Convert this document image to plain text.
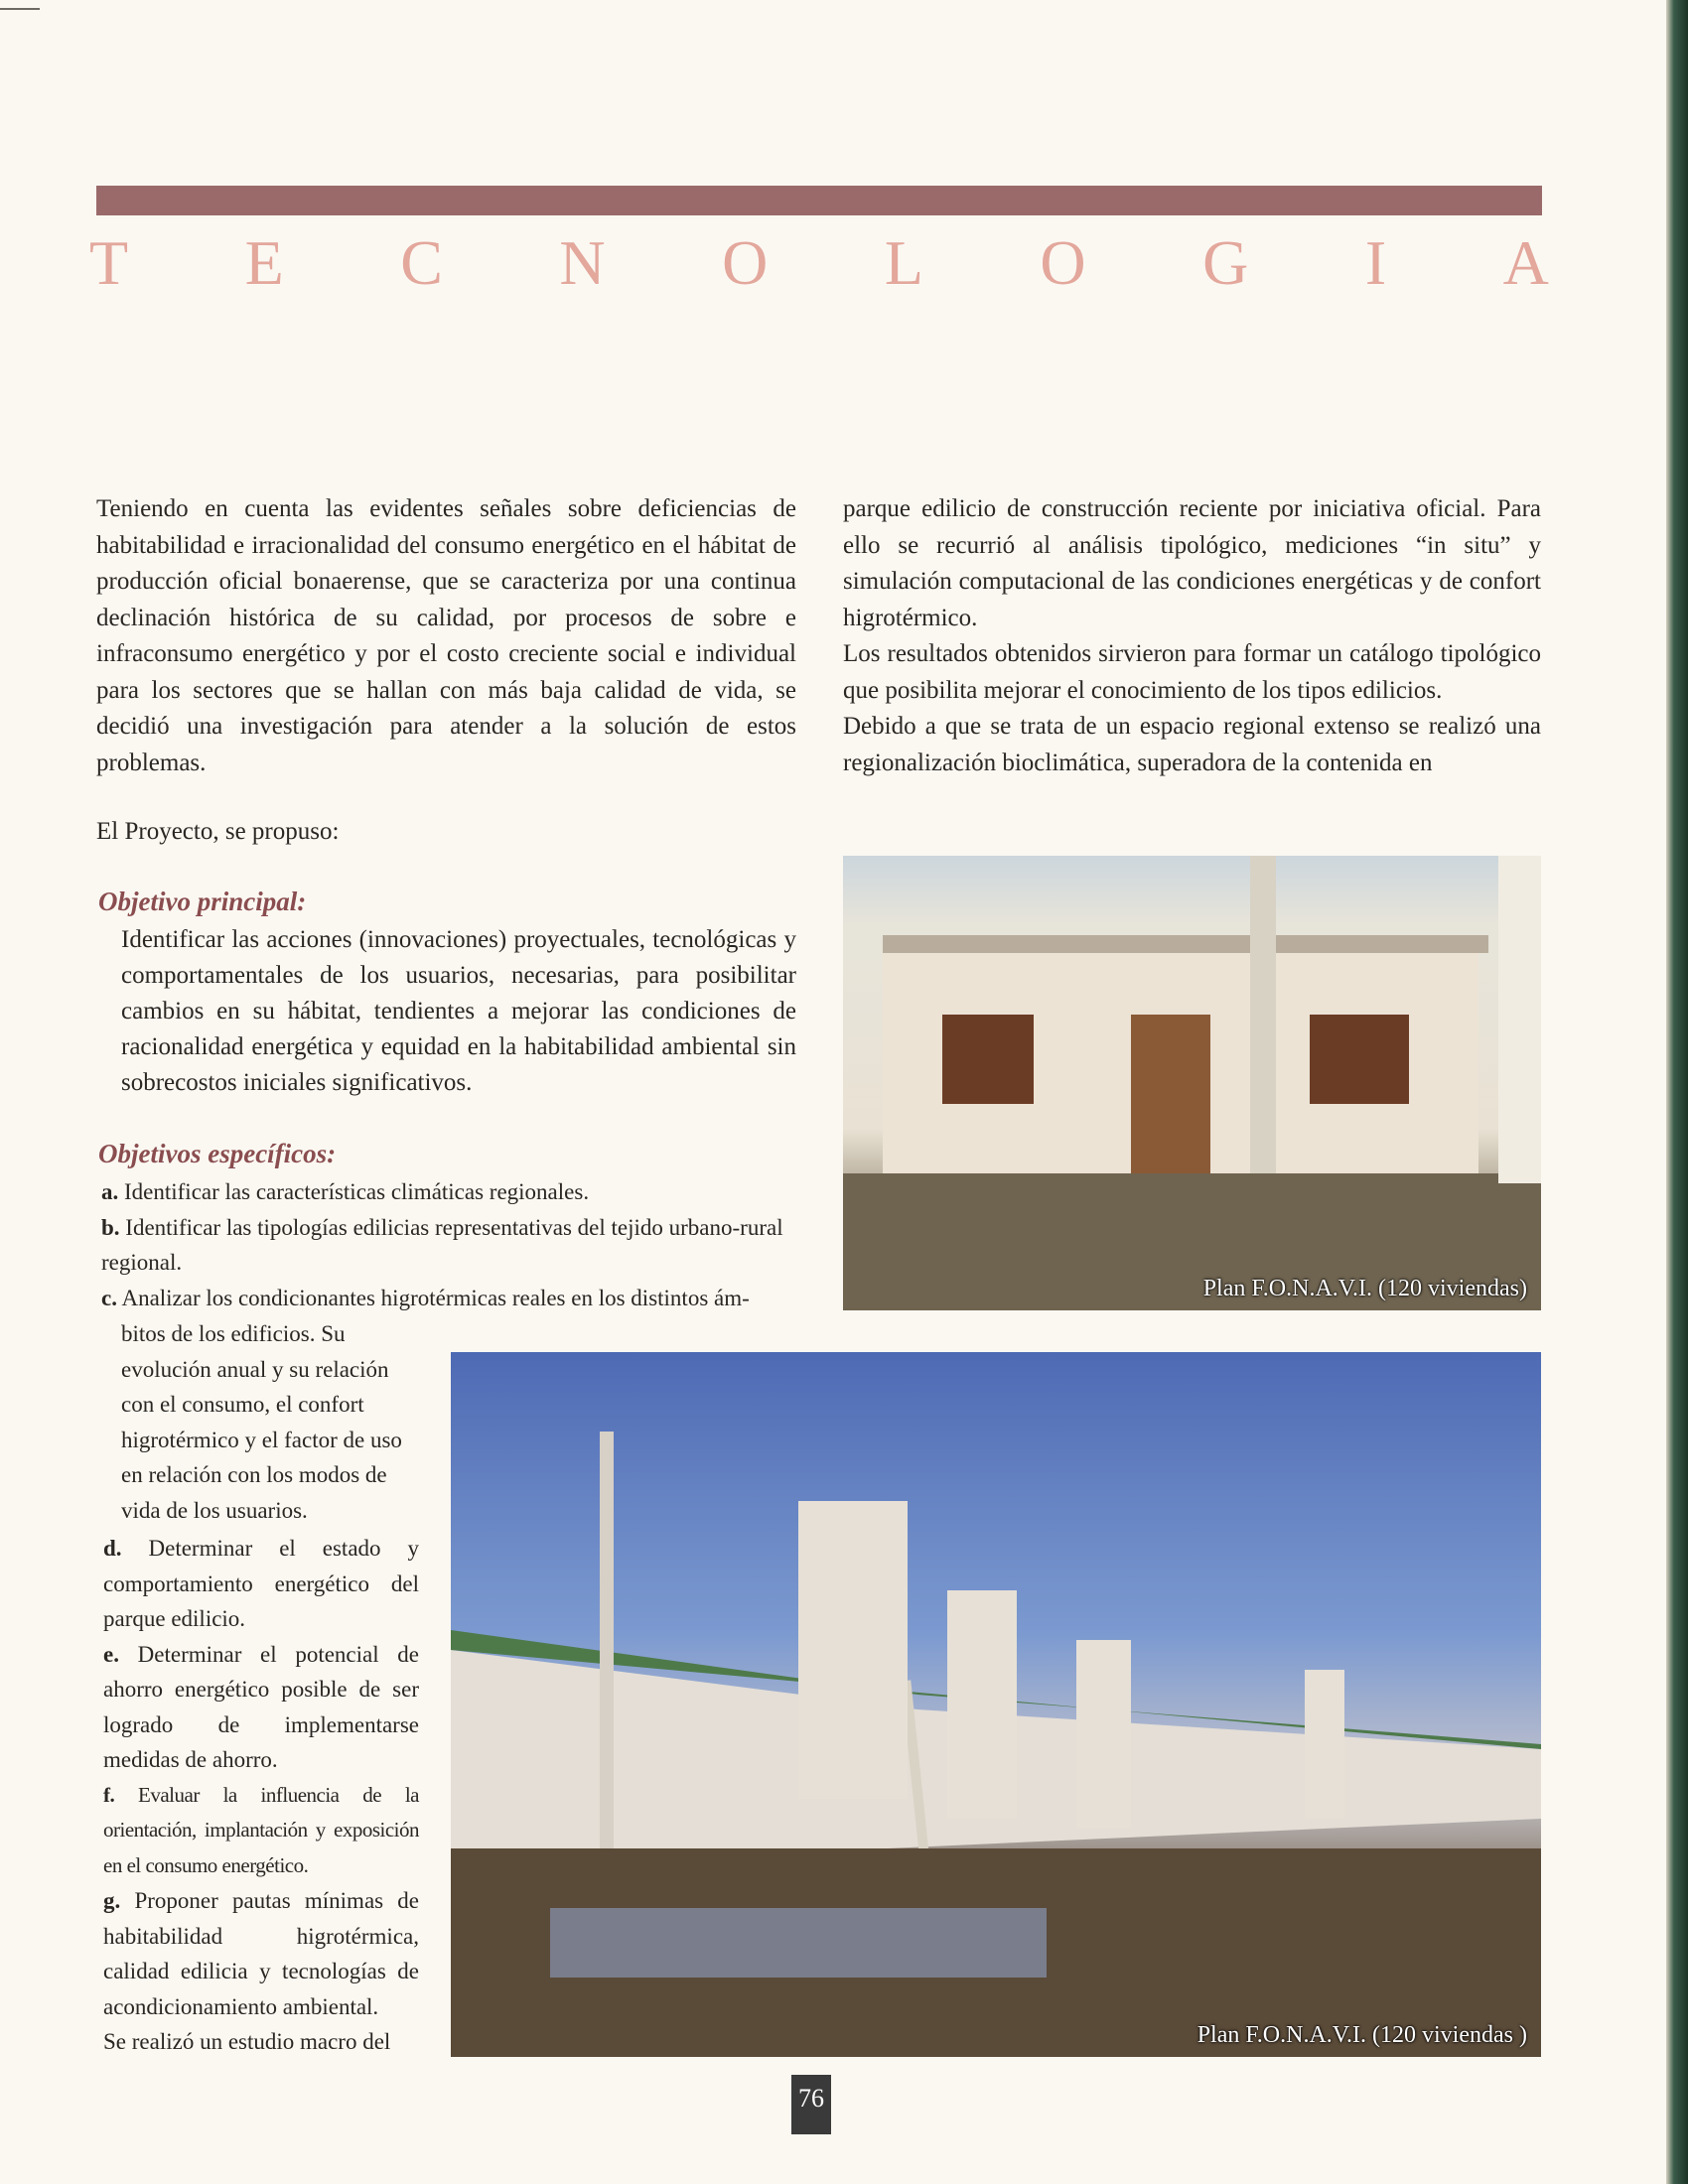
T E C N O L O G I A
Teniendo en cuenta las evidentes señales sobre deficiencias de habitabilidad e irracionalidad del consumo energético en el hábitat de producción oficial bonaerense, que se caracteriza por una continua declinación histórica de su calidad, por procesos de sobre e infraconsumo energético y por el costo creciente social e individual para los sectores que se hallan con más baja calidad de vida, se decidió una investigación para atender a la solución de estos problemas.

parque edilicio de construcción reciente por iniciativa oficial. Para ello se recurrió al análisis tipológico, mediciones “in situ” y simulación computacional de las condiciones energéticas y de confort higrotérmico.

Los resultados obtenidos sirvieron para formar un catálogo tipológico que posibilita mejorar el conocimiento de los tipos edilicios.

Debido a que se trata de un espacio regional extenso se realizó una regionalización bioclimática, superadora de la contenida en

El Proyecto, se propuso:
Objetivo principal:
Identificar las acciones (innovaciones) proyectuales, tecnológicas y comportamentales de los usuarios, necesarias, para posibilitar cambios en su hábitat, tendientes a mejorar las condiciones de racionalidad energética y equidad en la habitabilidad ambiental sin sobrecostos iniciales significativos.
Objetivos específicos:
a. Identificar las características climáticas regionales.
b. Identificar las tipologías edilicias representativas del tejido urbano-rural regional.
c. Analizar los condicionantes higrotérmicas reales en los distintos ám-
bitos de los edificios. Su evolución anual y su relación con el consumo, el confort higrotérmico y el factor de uso en relación con los modos de vida de los usuarios.
d. Determinar el estado y comportamiento energético del parque edilicio.
e. Determinar el potencial de ahorro energético posible de ser logrado de implementarse medidas de ahorro.
f. Evaluar la influencia de la orientación, implantación y exposición en el consumo energético.
g. Proponer pautas mínimas de habitabilidad higrotérmica, calidad edilicia y tecnologías de acondicionamiento ambiental.
Se realizó un estudio macro del
Plan F.O.N.A.V.I. (120 viviendas)
Plan F.O.N.A.V.I. (120 viviendas )
76
